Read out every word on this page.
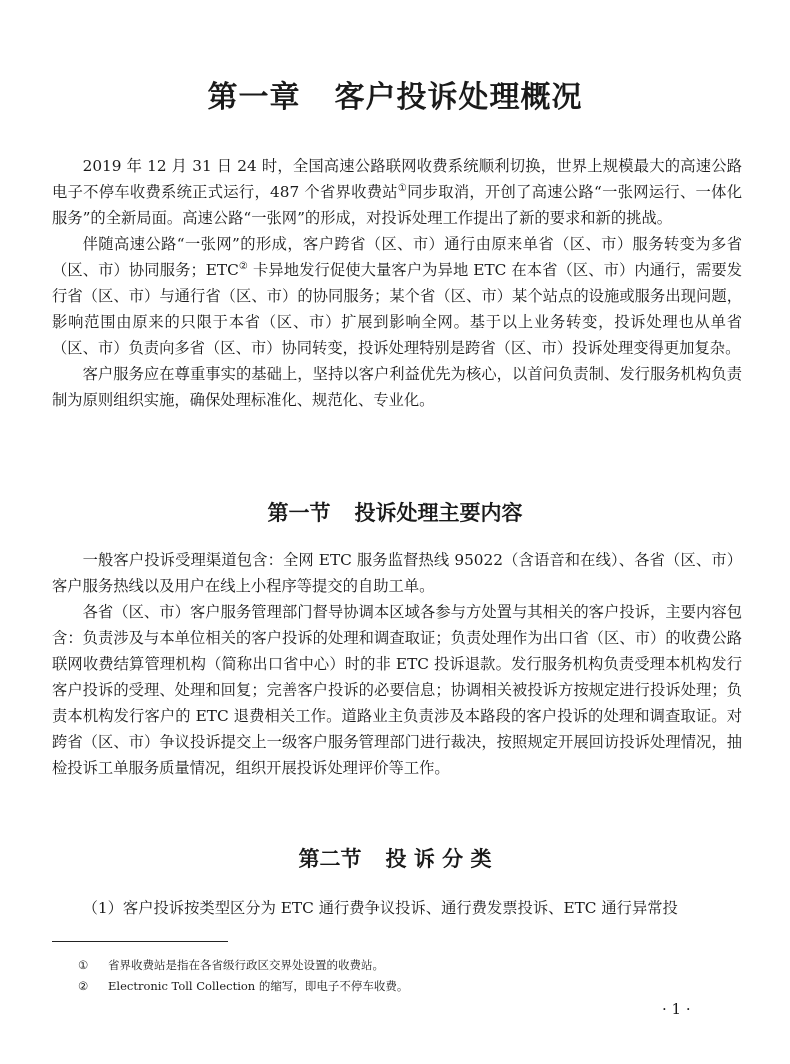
第一章 客户投诉处理概况

2019 年 12 月 31 日 24 时，全国高速公路联网收费系统顺利切换，世界上规模最大的高速公路电子不停车收费系统正式运行，487 个省界收费站①同步取消，开创了高速公路“一张网运行、一体化服务”的全新局面。高速公路“一张网”的形成，对投诉处理工作提出了新的要求和新的挑战。

伴随高速公路“一张网”的形成，客户跨省（区、市）通行由原来单省（区、市）服务转变为多省（区、市）协同服务；ETC② 卡异地发行促使大量客户为异地 ETC 在本省（区、市）内通行，需要发行省（区、市）与通行省（区、市）的协同服务；某个省（区、市）某个站点的设施或服务出现问题，影响范围由原来的只限于本省（区、市）扩展到影响全网。基于以上业务转变，投诉处理也从单省（区、市）负责向多省（区、市）协同转变，投诉处理特别是跨省（区、市）投诉处理变得更加复杂。

客户服务应在尊重事实的基础上，坚持以客户利益优先为核心，以首问负责制、发行服务机构负责制为原则组织实施，确保处理标准化、规范化、专业化。

第一节 投诉处理主要内容

一般客户投诉受理渠道包含：全网 ETC 服务监督热线 95022（含语音和在线）、各省（区、市）客户服务热线以及用户在线上小程序等提交的自助工单。

各省（区、市）客户服务管理部门督导协调本区域各参与方处置与其相关的客户投诉，主要内容包含：负责涉及与本单位相关的客户投诉的处理和调查取证；负责处理作为出口省（区、市）的收费公路联网收费结算管理机构（简称出口省中心）时的非 ETC 投诉退款。发行服务机构负责受理本机构发行客户投诉的受理、处理和回复；完善客户投诉的必要信息；协调相关被投诉方按规定进行投诉处理；负责本机构发行客户的 ETC 退费相关工作。道路业主负责涉及本路段的客户投诉的处理和调查取证。对跨省（区、市）争议投诉提交上一级客户服务管理部门进行裁决，按照规定开展回访投诉处理情况，抽检投诉工单服务质量情况，组织开展投诉处理评价等工作。

第二节 投 诉 分 类

（1）客户投诉按类型区分为 ETC 通行费争议投诉、通行费发票投诉、ETC 通行异常投

①	省界收费站是指在各省级行政区交界处设置的收费站。
②	Electronic Toll Collection 的缩写，即电子不停车收费。
· 1 ·
